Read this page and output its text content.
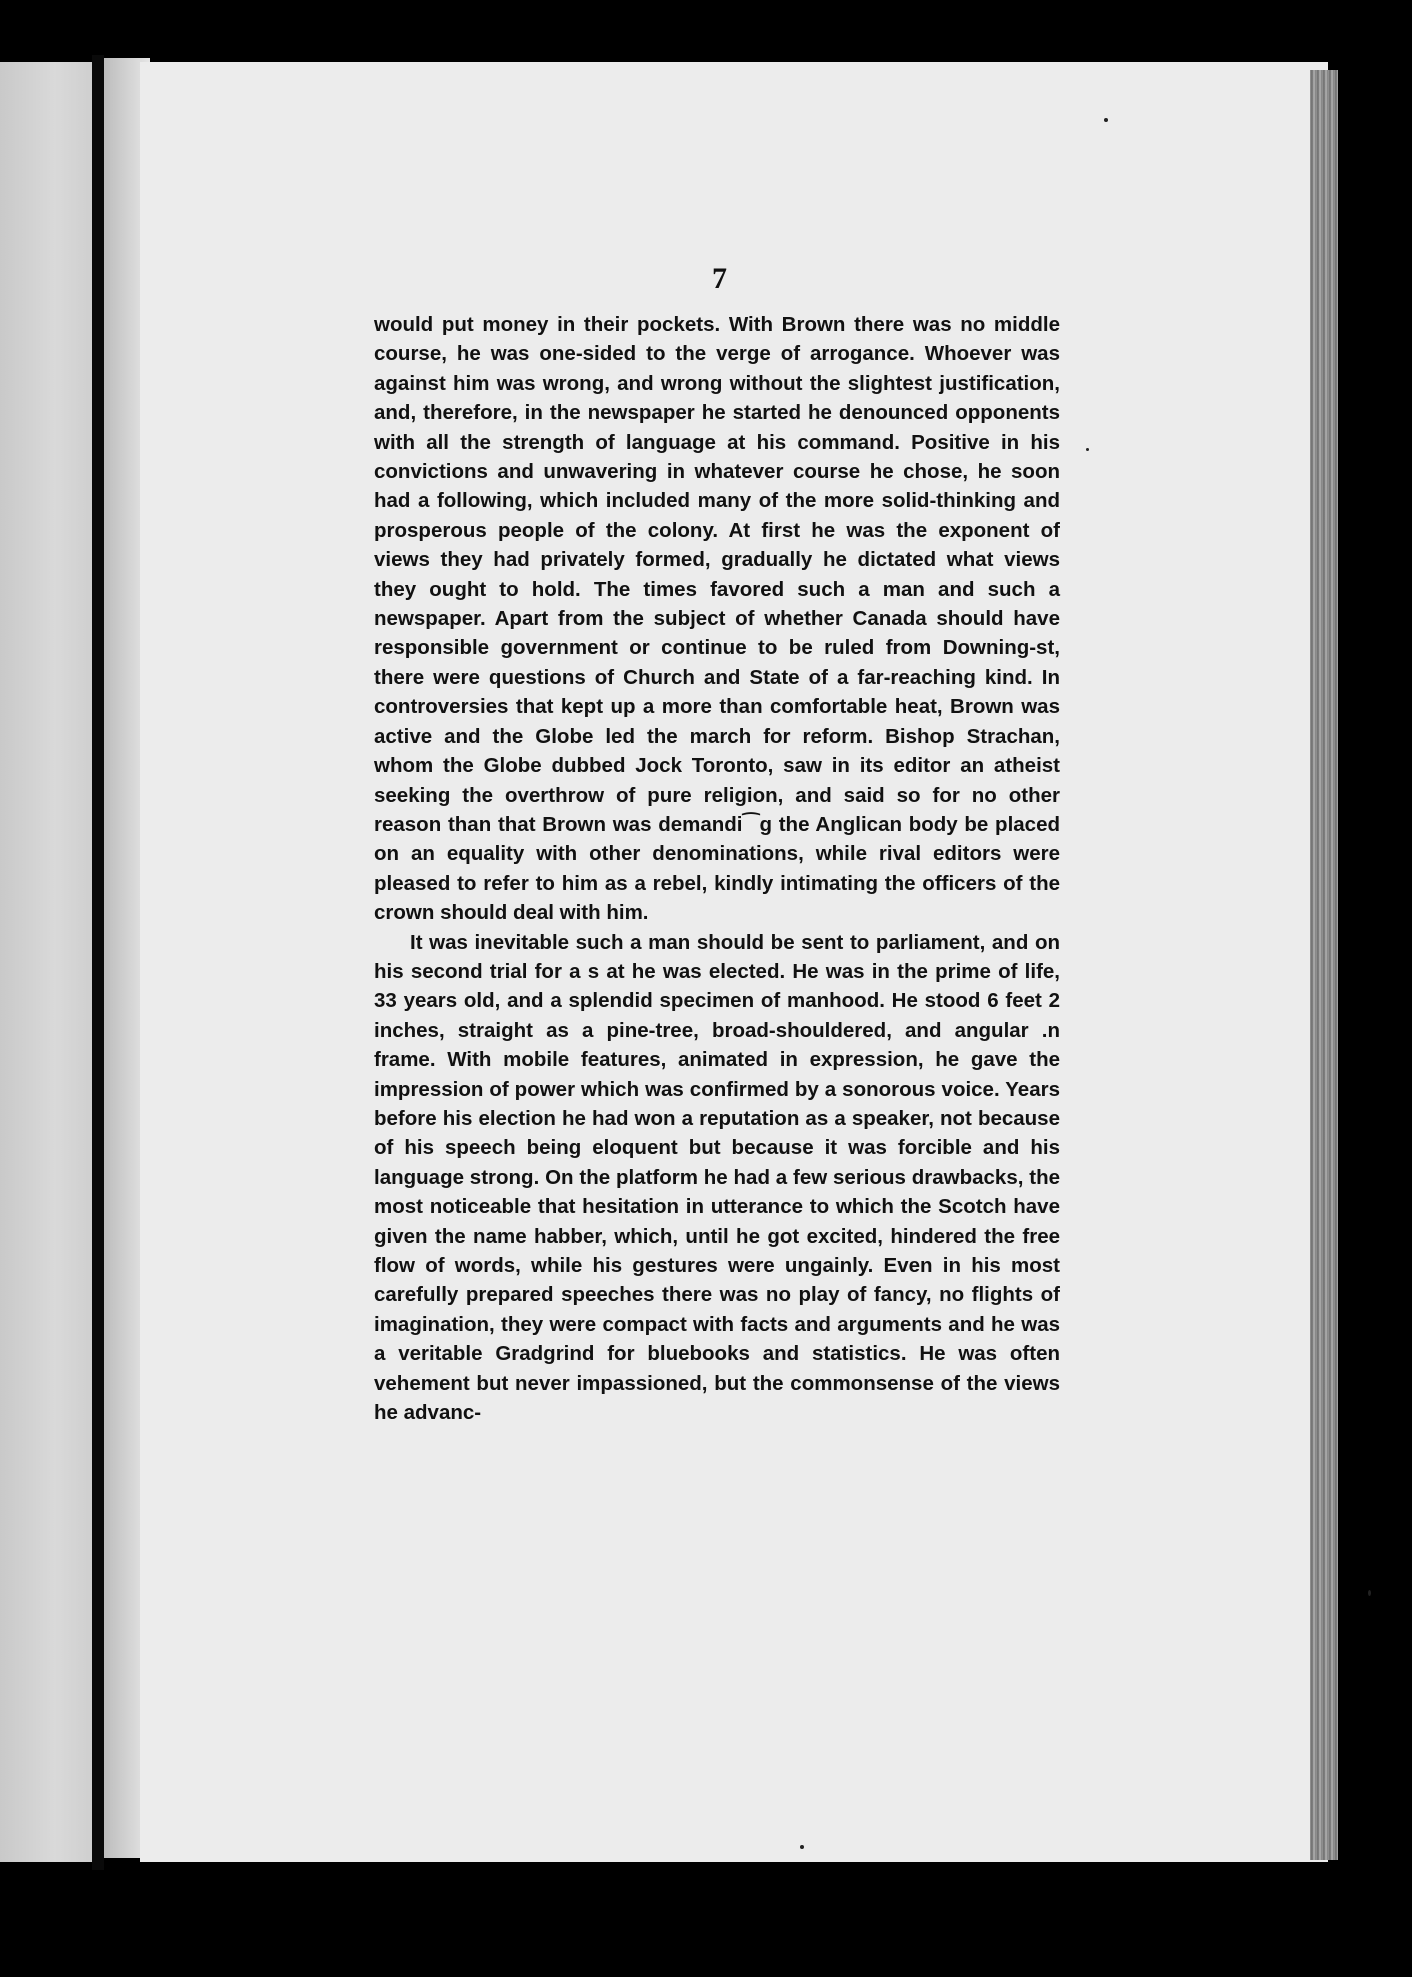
7

would put money in their pockets. With Brown there was no middle course, he was one-sided to the verge of arrogance. Whoever was against him was wrong, and wrong without the slightest justification, and, therefore, in the newspaper he started he denounced opponents with all the strength of language at his command. Positive in his convictions and unwavering in whatever course he chose, he soon had a following, which included many of the more solid-thinking and prosperous people of the colony. At first he was the exponent of views they had privately formed, gradually he dictated what views they ought to hold. The times favored such a man and such a newspaper. Apart from the subject of whether Canada should have responsible government or continue to be ruled from Downing-st, there were questions of Church and State of a far-reaching kind. In controversies that kept up a more than comfortable heat, Brown was active and the Globe led the march for reform. Bishop Strachan, whom the Globe dubbed Jock Toronto, saw in its editor an atheist seeking the overthrow of pure religion, and said so for no other reason than that Brown was demandi⁀g the Anglican body be placed on an equality with other denominations, while rival editors were pleased to refer to him as a rebel, kindly intimating the officers of the crown should deal with him.

It was inevitable such a man should be sent to parliament, and on his second trial for a s at he was elected. He was in the prime of life, 33 years old, and a splendid specimen of manhood. He stood 6 feet 2 inches, straight as a pine-tree, broad-shouldered, and angular .n frame. With mobile features, animated in expression, he gave the impression of power which was confirmed by a sonorous voice. Years before his election he had won a reputation as a speaker, not because of his speech being eloquent but because it was forcible and his language strong. On the platform he had a few serious drawbacks, the most noticeable that hesitation in utterance to which the Scotch have given the name habber, which, until he got excited, hindered the free flow of words, while his gestures were ungainly. Even in his most carefully prepared speeches there was no play of fancy, no flights of imagination, they were compact with facts and arguments and he was a veritable Gradgrind for bluebooks and statistics. He was often vehement but never impassioned, but the commonsense of the views he advanc-
